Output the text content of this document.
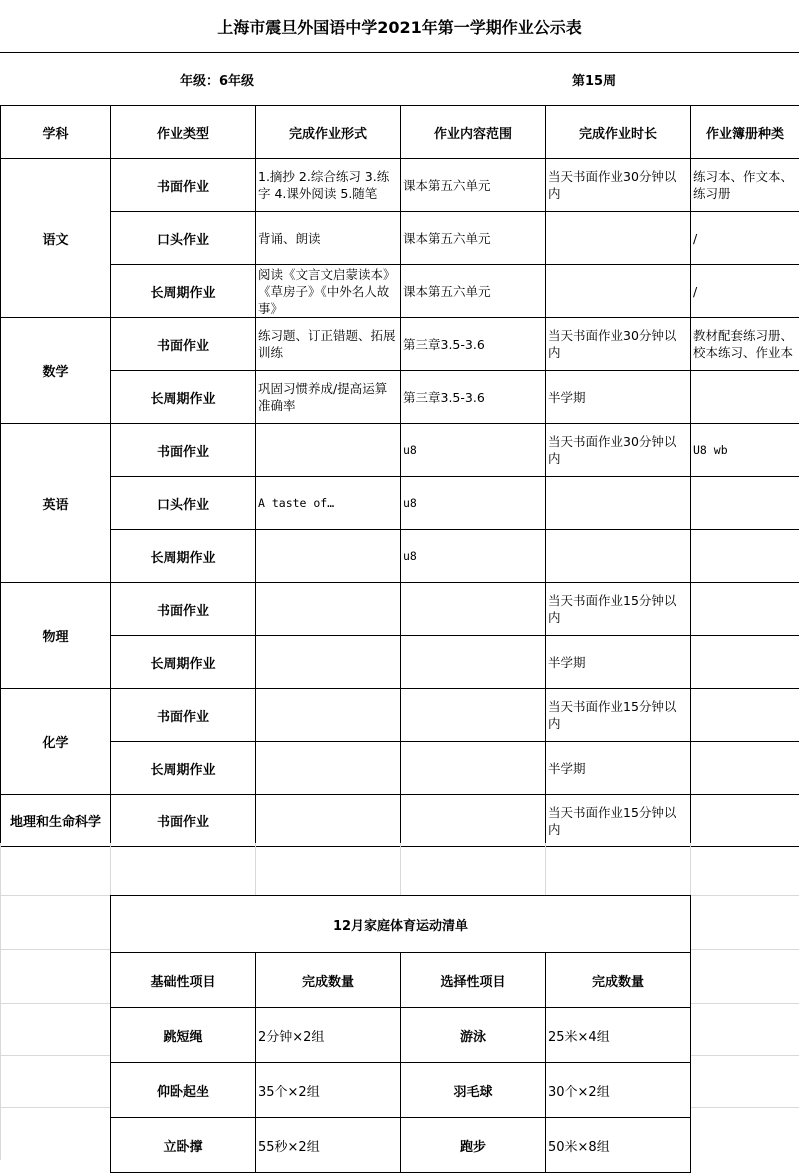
上海市震旦外国语中学2021年第一学期作业公示表
年级：6年级	第15周
学科	作业类型	完成作业形式	作业内容范围	完成作业时长	作业簿册种类
语文	书面作业	1.摘抄 2.综合练习 3.练字 4.课外阅读 5.随笔	课本第五六单元	当天书面作业30分钟以内	练习本、作文本、练习册
	口头作业	背诵、朗读	课本第五六单元		/
	长周期作业	阅读《文言文启蒙读本》《草房子》《中外名人故事》	课本第五六单元		/
数学	书面作业	练习题、订正错题、拓展训练	第三章3.5-3.6	当天书面作业30分钟以内	教材配套练习册、校本练习、作业本
	长周期作业	巩固习惯养成/提高运算准确率	第三章3.5-3.6	半学期	
英语	书面作业		u8	当天书面作业30分钟以内	U8 wb
	口头作业	A taste of…	u8		
	长周期作业		u8		
物理	书面作业			当天书面作业15分钟以内	
	长周期作业			半学期	
化学	书面作业			当天书面作业15分钟以内	
	长周期作业			半学期	
地理和生命科学	书面作业			当天书面作业15分钟以内	
12月家庭体育运动清单			
基础性项目	完成数量	选择性项目	完成数量
跳短绳	2分钟×2组	游泳	25米×4组
仰卧起坐	35个×2组	羽毛球	30个×2组
立卧撑	55秒×2组	跑步	50米×8组
